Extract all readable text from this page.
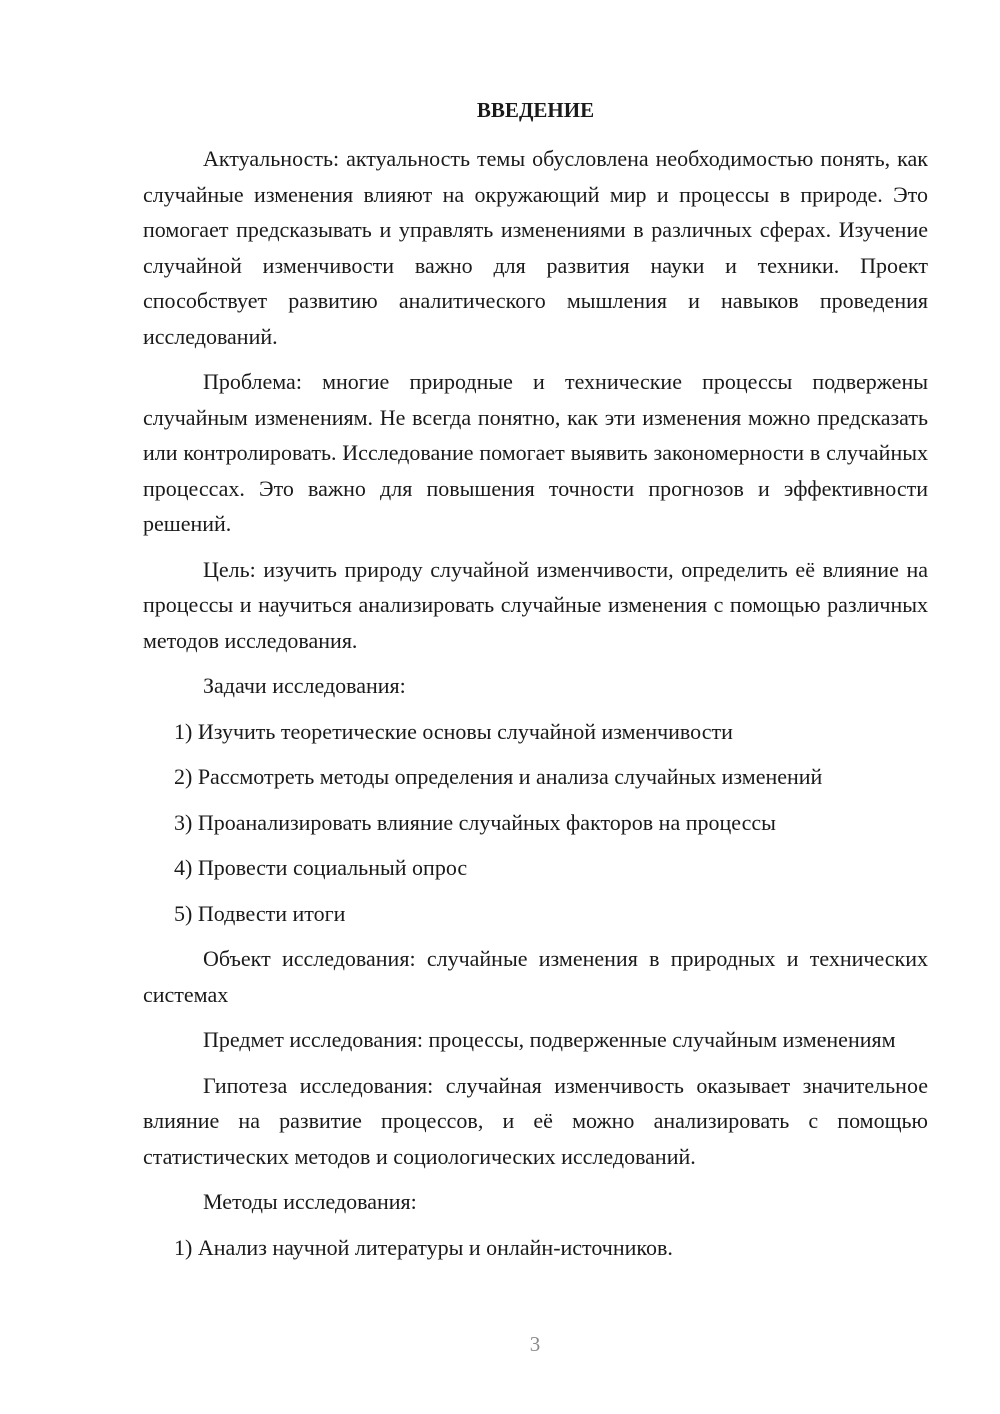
ВВЕДЕНИЕ

Актуальность: актуальность темы обусловлена необходимостью понять, как случайные изменения влияют на окружающий мир и процессы в природе. Это помогает предсказывать и управлять изменениями в различных сферах. Изучение случайной изменчивости важно для развития науки и техники. Проект способствует развитию аналитического мышления и навыков проведения исследований.

Проблема: многие природные и технические процессы подвержены случайным изменениям. Не всегда понятно, как эти изменения можно предсказать или контролировать. Исследование помогает выявить закономерности в случайных процессах. Это важно для повышения точности прогнозов и эффективности решений.

Цель: изучить природу случайной изменчивости, определить её влияние на процессы и научиться анализировать случайные изменения с помощью различных методов исследования.

Задачи исследования:

1) Изучить теоретические основы случайной изменчивости
2) Рассмотреть методы определения и анализа случайных изменений
3) Проанализировать влияние случайных факторов на процессы
4) Провести социальный опрос
5) Подвести итоги

Объект исследования: случайные изменения в природных и технических системах

Предмет исследования: процессы, подверженные случайным изменениям

Гипотеза исследования: случайная изменчивость оказывает значительное влияние на развитие процессов, и её можно анализировать с помощью статистических методов и социологических исследований.

Методы исследования:

1) Анализ научной литературы и онлайн-источников.
3
